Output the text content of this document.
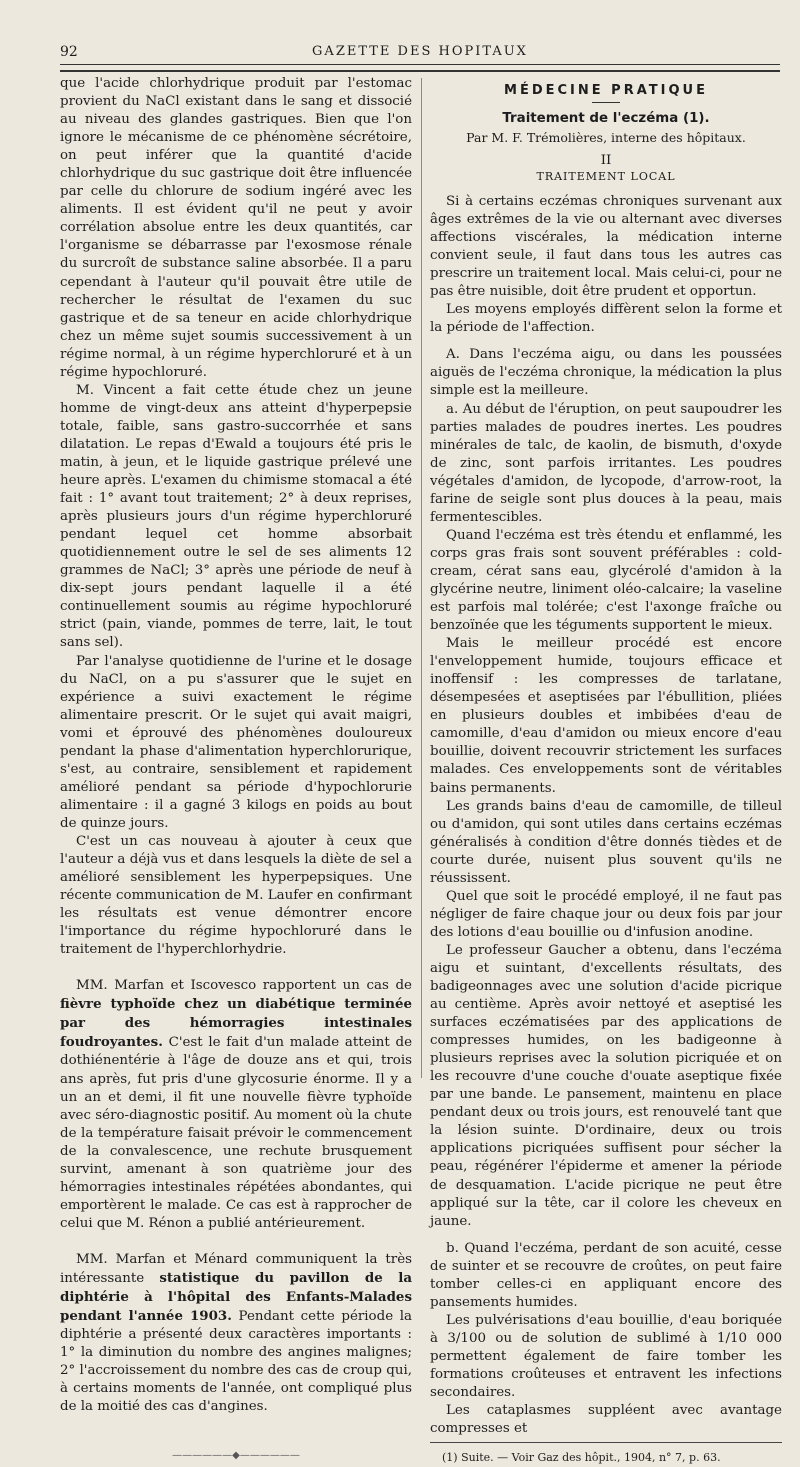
92	GAZETTE DES HOPITAUX

que l'acide chlorhydrique produit par l'estomac provient du NaCl existant dans le sang et dissocié au niveau des glandes gastriques. Bien que l'on ignore le mécanisme de ce phénomène sécrétoire, on peut inférer que la quantité d'acide chlorhydrique du suc gastrique doit être influencée par celle du chlorure de sodium ingéré avec les aliments. Il est évident qu'il ne peut y avoir corrélation absolue entre les deux quantités, car l'organisme se débarrasse par l'exosmose rénale du surcroît de substance saline absorbée. Il a paru cependant à l'auteur qu'il pouvait être utile de rechercher le résultat de l'examen du suc gastrique et de sa teneur en acide chlorhydrique chez un même sujet soumis successivement à un régime normal, à un régime hyperchloruré et à un régime hypochloruré.

M. Vincent a fait cette étude chez un jeune homme de vingt-deux ans atteint d'hyperpepsie totale, faible, sans gastro-succorrhée et sans dilatation. Le repas d'Ewald a toujours été pris le matin, à jeun, et le liquide gastrique prélevé une heure après. L'examen du chimisme stomacal a été fait : 1° avant tout traitement; 2° à deux reprises, après plusieurs jours d'un régime hyperchloruré pendant lequel cet homme absorbait quotidiennement outre le sel de ses aliments 12 grammes de NaCl; 3° après une période de neuf à dix-sept jours pendant laquelle il a été continuellement soumis au régime hypochloruré strict (pain, viande, pommes de terre, lait, le tout sans sel).

Par l'analyse quotidienne de l'urine et le dosage du NaCl, on a pu s'assurer que le sujet en expérience a suivi exactement le régime alimentaire prescrit. Or le sujet qui avait maigri, vomi et éprouvé des phénomènes douloureux pendant la phase d'alimentation hyperchlorurique, s'est, au contraire, sensiblement et rapidement amélioré pendant sa période d'hypochlorurie alimentaire : il a gagné 3 kilogs en poids au bout de quinze jours.

C'est un cas nouveau à ajouter à ceux que l'auteur a déjà vus et dans lesquels la diète de sel a amélioré sensiblement les hyperpepsiques. Une récente communication de M. Laufer en confirmant les résultats est venue démontrer encore l'importance du régime hypochloruré dans le traitement de l'hyperchlorhydrie.

MM. Marfan et Iscovesco rapportent un cas de fièvre typhoïde chez un diabétique terminée par des hémorragies intestinales foudroyantes. C'est le fait d'un malade atteint de dothiénentérie à l'âge de douze ans et qui, trois ans après, fut pris d'une glycosurie énorme. Il y a un an et demi, il fit une nouvelle fièvre typhoïde avec séro-diagnostic positif. Au moment où la chute de la température faisait prévoir le commencement de la convalescence, une rechute brusquement survint, amenant à son quatrième jour des hémorragies intestinales répétées abondantes, qui emportèrent le malade. Ce cas est à rapprocher de celui que M. Rénon a publié antérieurement.

MM. Marfan et Ménard communiquent la très intéressante statistique du pavillon de la diphtérie à l'hôpital des Enfants-Malades pendant l'année 1903. Pendant cette période la diphtérie a présenté deux caractères importants : 1° la diminution du nombre des angines malignes; 2° l'accroissement du nombre des cas de croup qui, à certains moments de l'année, ont compliqué plus de la moitié des cas d'angines.

——————◆——————
MÉDECINE PRATIQUE
Traitement de l'eczéma (1).
Par M. F. Trémolières, interne des hôpitaux.
II
TRAITEMENT LOCAL

Si à certains eczémas chroniques survenant aux âges extrêmes de la vie ou alternant avec diverses affections viscérales, la médication interne convient seule, il faut dans tous les autres cas prescrire un traitement local. Mais celui-ci, pour ne pas être nuisible, doit être prudent et opportun.

Les moyens employés diffèrent selon la forme et la période de l'affection.

A. Dans l'eczéma aigu, ou dans les poussées aiguës de l'eczéma chronique, la médication la plus simple est la meilleure.

a. Au début de l'éruption, on peut saupoudrer les parties malades de poudres inertes. Les poudres minérales de talc, de kaolin, de bismuth, d'oxyde de zinc, sont parfois irritantes. Les poudres végétales d'amidon, de lycopode, d'arrow-root, la farine de seigle sont plus douces à la peau, mais fermentescibles.

Quand l'eczéma est très étendu et enflammé, les corps gras frais sont souvent préférables : cold-cream, cérat sans eau, glycérolé d'amidon à la glycérine neutre, liniment oléo-calcaire; la vaseline est parfois mal tolérée; c'est l'axonge fraîche ou benzoïnée que les téguments supportent le mieux.

Mais le meilleur procédé est encore l'enveloppement humide, toujours efficace et inoffensif : les compresses de tarlatane, désempesées et aseptisées par l'ébullition, pliées en plusieurs doubles et imbibées d'eau de camomille, d'eau d'amidon ou mieux encore d'eau bouillie, doivent recouvrir strictement les surfaces malades. Ces enveloppements sont de véritables bains permanents.

Les grands bains d'eau de camomille, de tilleul ou d'amidon, qui sont utiles dans certains eczémas généralisés à condition d'être donnés tièdes et de courte durée, nuisent plus souvent qu'ils ne réussissent.

Quel que soit le procédé employé, il ne faut pas négliger de faire chaque jour ou deux fois par jour des lotions d'eau bouillie ou d'infusion anodine.

Le professeur Gaucher a obtenu, dans l'eczéma aigu et suintant, d'excellents résultats, des badigeonnages avec une solution d'acide picrique au centième. Après avoir nettoyé et aseptisé les surfaces eczématisées par des applications de compresses humides, on les badigeonne à plusieurs reprises avec la solution picriquée et on les recouvre d'une couche d'ouate aseptique fixée par une bande. Le pansement, maintenu en place pendant deux ou trois jours, est renouvelé tant que la lésion suinte. D'ordinaire, deux ou trois applications picriquées suffisent pour sécher la peau, régénérer l'épiderme et amener la période de desquamation. L'acide picrique ne peut être appliqué sur la tête, car il colore les cheveux en jaune.

b. Quand l'eczéma, perdant de son acuité, cesse de suinter et se recouvre de croûtes, on peut faire tomber celles-ci en appliquant encore des pansements humides.

Les pulvérisations d'eau bouillie, d'eau boriquée à 3/100 ou de solution de sublimé à 1/10 000 permettent également de faire tomber les formations croûteuses et entravent les infections secondaires.

Les cataplasmes suppléent avec avantage compresses et

(1) Suite. — Voir Gaz des hôpit., 1904, n° 7, p. 63.
